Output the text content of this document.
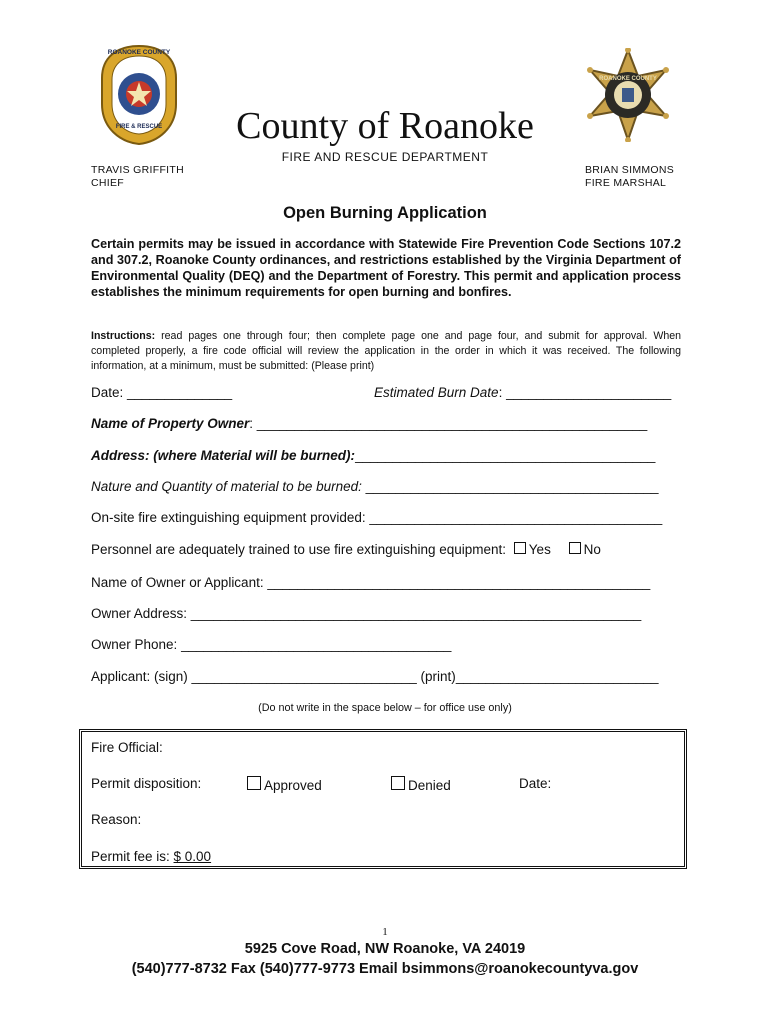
ROANOKE COUNTY
FIRE & RESCUE
ROANOKE COUNTY
County of Roanoke
FIRE AND RESCUE DEPARTMENT
TRAVIS GRIFFITH
CHIEF
BRIAN SIMMONS
FIRE MARSHAL
Open Burning Application
Certain permits may be issued in accordance with Statewide Fire Prevention Code Sections 107.2 and 307.2, Roanoke County ordinances, and restrictions established by the Virginia Department of Environmental Quality (DEQ) and the Department of Forestry. This permit and application process establishes the minimum requirements for open burning and bonfires.
Instructions: read pages one through four; then complete page one and page four, and submit for approval. When completed properly, a fire code official will review the application in the order in which it was received. The following information, at a minimum, must be submitted: (Please print)
Date: ______________	Estimated Burn Date: ______________________
Name of Property Owner: ____________________________________________________
Address: (where Material will be burned):________________________________________
Nature and Quantity of material to be burned: _______________________________________
On-site fire extinguishing equipment provided: _______________________________________
Personnel are adequately trained to use fire extinguishing equipment: Yes No
Name of Owner or Applicant: ___________________________________________________
Owner Address: ____________________________________________________________
Owner Phone: ____________________________________
Applicant: (sign) ______________________________ (print)___________________________
(Do not write in the space below – for office use only)
Fire Official:
Permit disposition:	Approved	Denied	Date:
Reason:
Permit fee is: $ 0.00
1
5925 Cove Road, NW Roanoke, VA 24019
(540)777-8732 Fax (540)777-9773 Email bsimmons@roanokecountyva.gov
